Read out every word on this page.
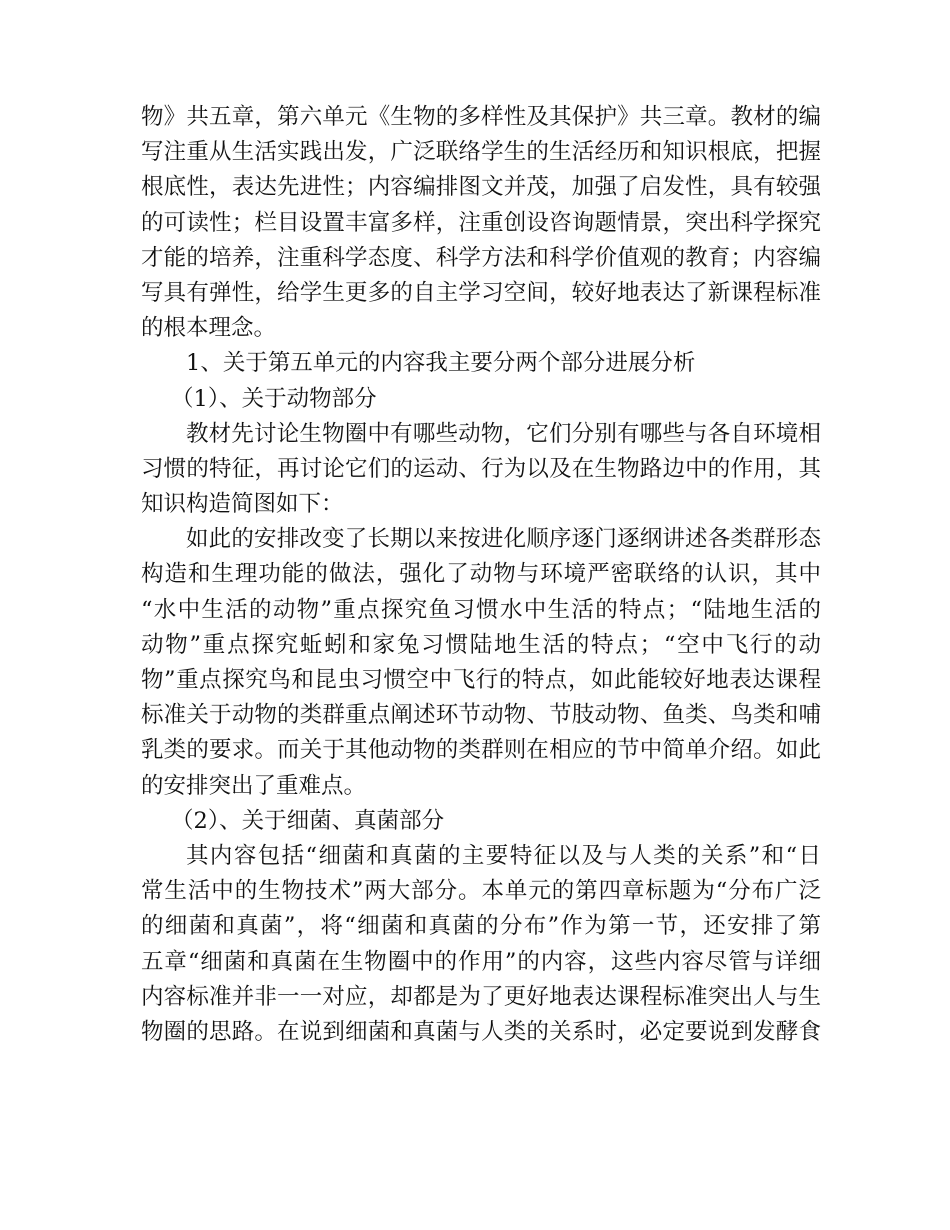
物》共五章，第六单元《生物的多样性及其保护》共三章。教材的编
写注重从生活实践出发，广泛联络学生的生活经历和知识根底，把握
根底性，表达先进性；内容编排图文并茂，加强了启发性，具有较强
的可读性；栏目设置丰富多样，注重创设咨询题情景，突出科学探究
才能的培养，注重科学态度、科学方法和科学价值观的教育；内容编
写具有弹性，给学生更多的自主学习空间，较好地表达了新课程标准
的根本理念。
1、关于第五单元的内容我主要分两个部分进展分析
（1）、关于动物部分
教材先讨论生物圈中有哪些动物，它们分别有哪些与各自环境相
习惯的特征，再讨论它们的运动、行为以及在生物路边中的作用，其
知识构造简图如下：
如此的安排改变了长期以来按进化顺序逐门逐纲讲述各类群形态
构造和生理功能的做法，强化了动物与环境严密联络的认识，其中
“水中生活的动物”重点探究鱼习惯水中生活的特点；“陆地生活的
动物”重点探究蚯蚓和家兔习惯陆地生活的特点；“空中飞行的动
物”重点探究鸟和昆虫习惯空中飞行的特点，如此能较好地表达课程
标准关于动物的类群重点阐述环节动物、节肢动物、鱼类、鸟类和哺
乳类的要求。而关于其他动物的类群则在相应的节中简单介绍。如此
的安排突出了重难点。
（2）、关于细菌、真菌部分
其内容包括“细菌和真菌的主要特征以及与人类的关系”和“日
常生活中的生物技术”两大部分。本单元的第四章标题为“分布广泛
的细菌和真菌”，将“细菌和真菌的分布”作为第一节，还安排了第
五章“细菌和真菌在生物圈中的作用”的内容，这些内容尽管与详细
内容标准并非一一对应，却都是为了更好地表达课程标准突出人与生
物圈的思路。在说到细菌和真菌与人类的关系时，必定要说到发酵食
